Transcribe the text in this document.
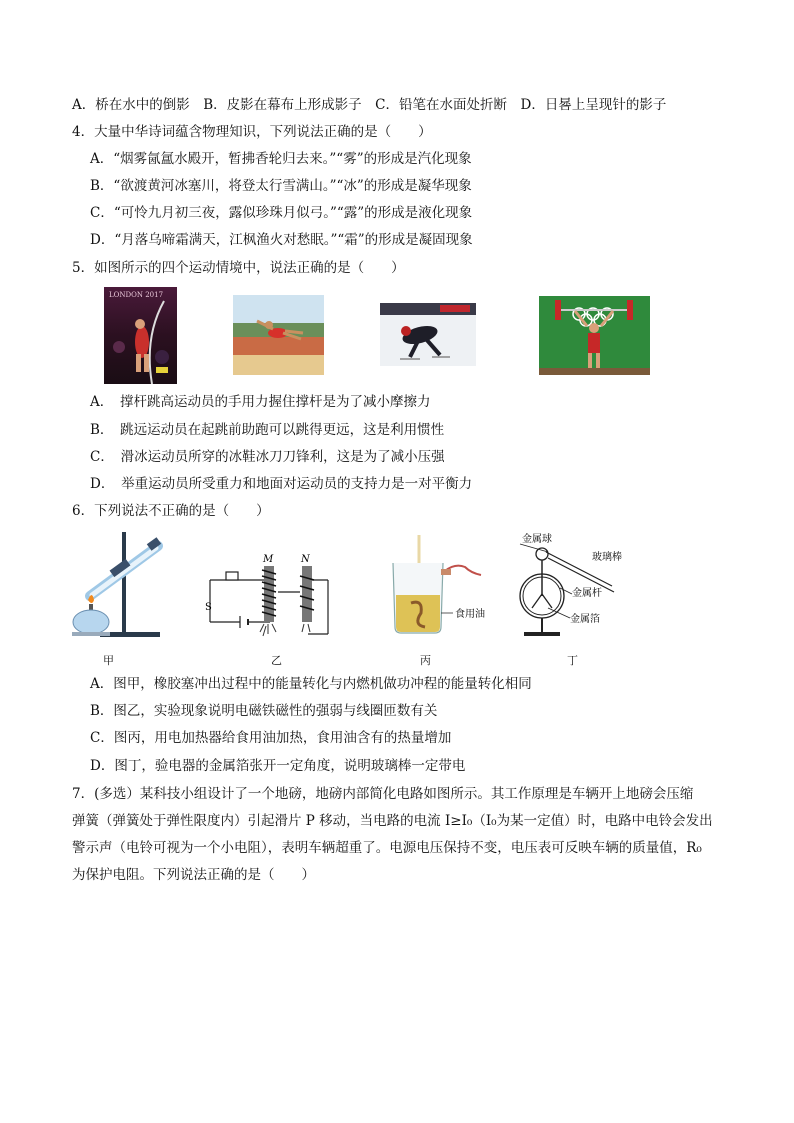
A．桥在水中的倒影　B．皮影在幕布上形成影子　C．铅笔在水面处折断　D．日晷上呈现针的影子
4．大量中华诗词蕴含物理知识，下列说法正确的是（　　）
A．“烟雾氤氲水殿开，暂拂香轮归去来。”“雾”的形成是汽化现象
B．“欲渡黄河冰塞川，将登太行雪满山。”“冰”的形成是凝华现象
C．“可怜九月初三夜，露似珍珠月似弓。”“露”的形成是液化现象
D．“月落乌啼霜满天，江枫渔火对愁眠。”“霜”的形成是凝固现象
5．如图所示的四个运动情境中，说法正确的是（　　）
LONDON 2017
A．　撑杆跳高运动员的手用力握住撑杆是为了减小摩擦力
B．　跳远运动员在起跳前助跑可以跳得更远，这是利用惯性
C．　滑冰运动员所穿的冰鞋冰刀刀锋利，这是为了减小压强
D．　举重运动员所受重力和地面对运动员的支持力是一对平衡力
6．下列说法不正确的是（　　）
甲
M	N
S
乙
食用油
丙
金属球
玻璃棒
金属杆
金属箔
丁
A．图甲，橡胶塞冲出过程中的能量转化与内燃机做功冲程的能量转化相同
B．图乙，实验现象说明电磁铁磁性的强弱与线圈匝数有关
C．图丙，用电加热器给食用油加热，食用油含有的热量增加
D．图丁，验电器的金属箔张开一定角度，说明玻璃棒一定带电
7．(多选）某科技小组设计了一个地磅，地磅内部简化电路如图所示。其工作原理是车辆开上地磅会压缩
弹簧（弹簧处于弹性限度内）引起滑片 P 移动，当电路的电流 I≥I₀（I₀为某一定值）时，电路中电铃会发出
警示声（电铃可视为一个小电阻），表明车辆超重了。电源电压保持不变，电压表可反映车辆的质量值，R₀
为保护电阻。下列说法正确的是（　　）
